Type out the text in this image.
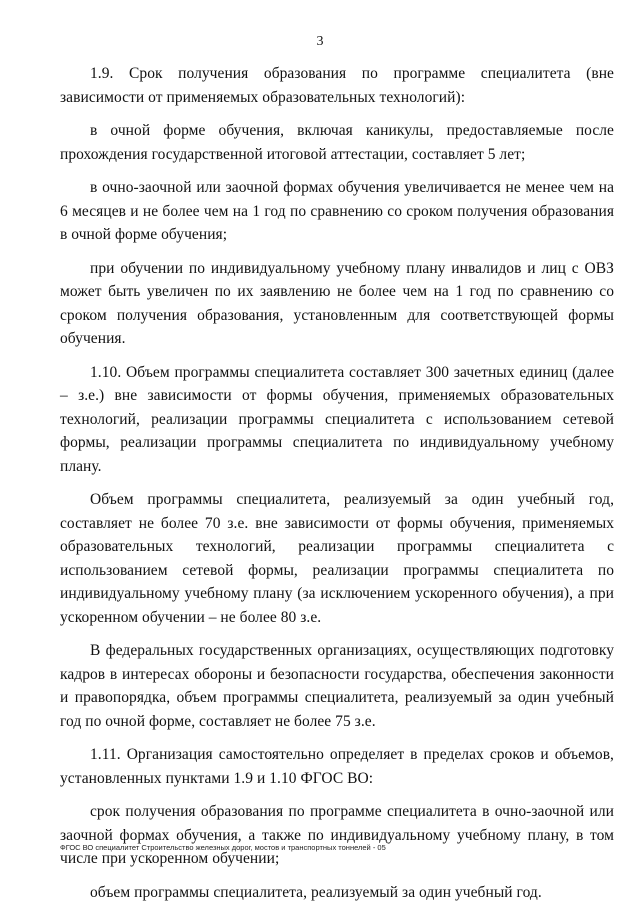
3

1.9. Срок получения образования по программе специалитета (вне зависимости от применяемых образовательных технологий):

в очной форме обучения, включая каникулы, предоставляемые после прохождения государственной итоговой аттестации, составляет 5 лет;

в очно-заочной или заочной формах обучения увеличивается не менее чем на 6 месяцев и не более чем на 1 год по сравнению со сроком получения образования в очной форме обучения;

при обучении по индивидуальному учебному плану инвалидов и лиц с ОВЗ может быть увеличен по их заявлению не более чем на 1 год по сравнению со сроком получения образования, установленным для соответствующей формы обучения.

1.10. Объем программы специалитета составляет 300 зачетных единиц (далее – з.е.) вне зависимости от формы обучения, применяемых образовательных технологий, реализации программы специалитета с использованием сетевой формы, реализации программы специалитета по индивидуальному учебному плану.

Объем программы специалитета, реализуемый за один учебный год, составляет не более 70 з.е. вне зависимости от формы обучения, применяемых образовательных технологий, реализации программы специалитета с использованием сетевой формы, реализации программы специалитета по индивидуальному учебному плану (за исключением ускоренного обучения), а при ускоренном обучении – не более 80 з.е.

В федеральных государственных организациях, осуществляющих подготовку кадров в интересах обороны и безопасности государства, обеспечения законности и правопорядка, объем программы специалитета, реализуемый за один учебный год по очной форме, составляет не более 75 з.е.

1.11. Организация самостоятельно определяет в пределах сроков и объемов, установленных пунктами 1.9 и 1.10 ФГОС ВО:

срок получения образования по программе специалитета в очно-заочной или заочной формах обучения, а также по индивидуальному учебному плану, в том числе при ускоренном обучении;

объем программы специалитета, реализуемый за один учебный год.

ФГОС ВО специалитет Строительство железных дорог, мостов и транспортных тоннелей - 05
